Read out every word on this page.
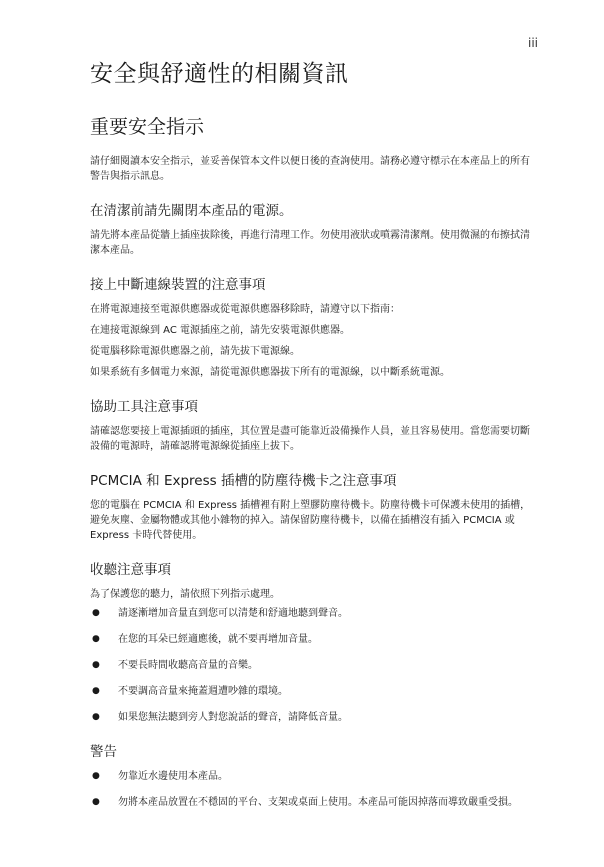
iii
安全與舒適性的相關資訊
重要安全指示

請仔細閱讀本安全指示，並妥善保管本文件以便日後的查詢使用。請務必遵守標示在本產品上的所有警告與指示訊息。

在清潔前請先關閉本產品的電源。

請先將本產品從牆上插座拔除後，再進行清理工作。勿使用液狀或噴霧清潔劑。使用微濕的布擦拭清潔本產品。

接上中斷連線裝置的注意事項

在將電源連接至電源供應器或從電源供應器移除時，請遵守以下指南：

在連接電源線到 AC 電源插座之前，請先安裝電源供應器。

從電腦移除電源供應器之前，請先拔下電源線。

如果系統有多個電力來源，請從電源供應器拔下所有的電源線，以中斷系統電源。

協助工具注意事項

請確認您要接上電源插頭的插座，其位置是盡可能靠近設備操作人員，並且容易使用。當您需要切斷設備的電源時，請確認將電源線從插座上拔下。

PCMCIA 和 Express 插槽的防塵待機卡之注意事項

您的電腦在 PCMCIA 和 Express 插槽裡有附上塑膠防塵待機卡。防塵待機卡可保護未使用的插槽，避免灰塵、金屬物體或其他小雜物的掉入。請保留防塵待機卡，以備在插槽沒有插入 PCMCIA 或 Express 卡時代替使用。

收聽注意事項

為了保護您的聽力，請依照下列指示處理。

● 請逐漸增加音量直到您可以清楚和舒適地聽到聲音。
● 在您的耳朵已經適應後，就不要再增加音量。
● 不要長時間收聽高音量的音樂。
● 不要調高音量來掩蓋週遭吵雜的環境。
● 如果您無法聽到旁人對您說話的聲音，請降低音量。
警告
● 勿靠近水邊使用本產品。
● 勿將本產品放置在不穩固的平台、支架或桌面上使用。本產品可能因掉落而導致嚴重受損。
